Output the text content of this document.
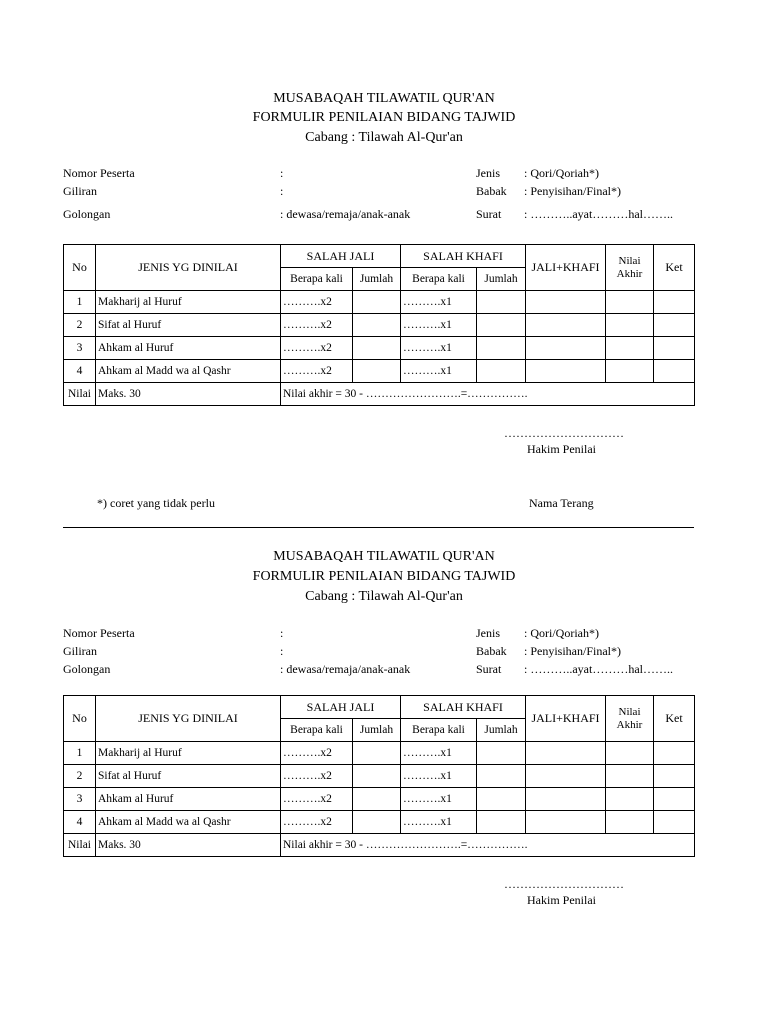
MUSABAQAH TILAWATIL QUR'AN
FORMULIR PENILAIAN BIDANG TAJWID
Cabang : Tilawah Al-Qur'an
Nomor Peserta	:
Giliran	:
Golongan	: dewasa/remaja/anak-anak
Jenis : Qori/Qoriah*)
Babak : Penyisihan/Final*)
Surat : ………..ayat………hal……..
No	JENIS YG DINILAI	SALAH JALI		SALAH KHAFI		JALI+KHAFI	Nilai Akhir	Ket
		Berapa kali	Jumlah	Berapa kali	Jumlah			
1	Makharij al Huruf	……….x2		……….x1				
2	Sifat al Huruf	……….x2		……….x1				
3	Ahkam al Huruf	……….x2		……….x1				
4	Ahkam al Madd wa al Qashr	……….x2		……….x1				
Nilai	Maks. 30	Nilai akhir = 30 - …………………….=…………….						
…………………………
Hakim Penilai
*) coret yang tidak perlu	Nama Terang
MUSABAQAH TILAWATIL QUR'AN
FORMULIR PENILAIAN BIDANG TAJWID
Cabang : Tilawah Al-Qur'an
Nomor Peserta	:
Giliran	:
Golongan	: dewasa/remaja/anak-anak
Jenis : Qori/Qoriah*)
Babak : Penyisihan/Final*)
Surat : ………..ayat………hal……..
No	JENIS YG DINILAI	SALAH JALI		SALAH KHAFI		JALI+KHAFI	Nilai Akhir	Ket
		Berapa kali	Jumlah	Berapa kali	Jumlah			
1	Makharij al Huruf	……….x2		……….x1				
2	Sifat al Huruf	……….x2		……….x1				
3	Ahkam al Huruf	……….x2		……….x1				
4	Ahkam al Madd wa al Qashr	……….x2		……….x1				
Nilai	Maks. 30	Nilai akhir = 30 - …………………….=…………….						
…………………………
Hakim Penilai
